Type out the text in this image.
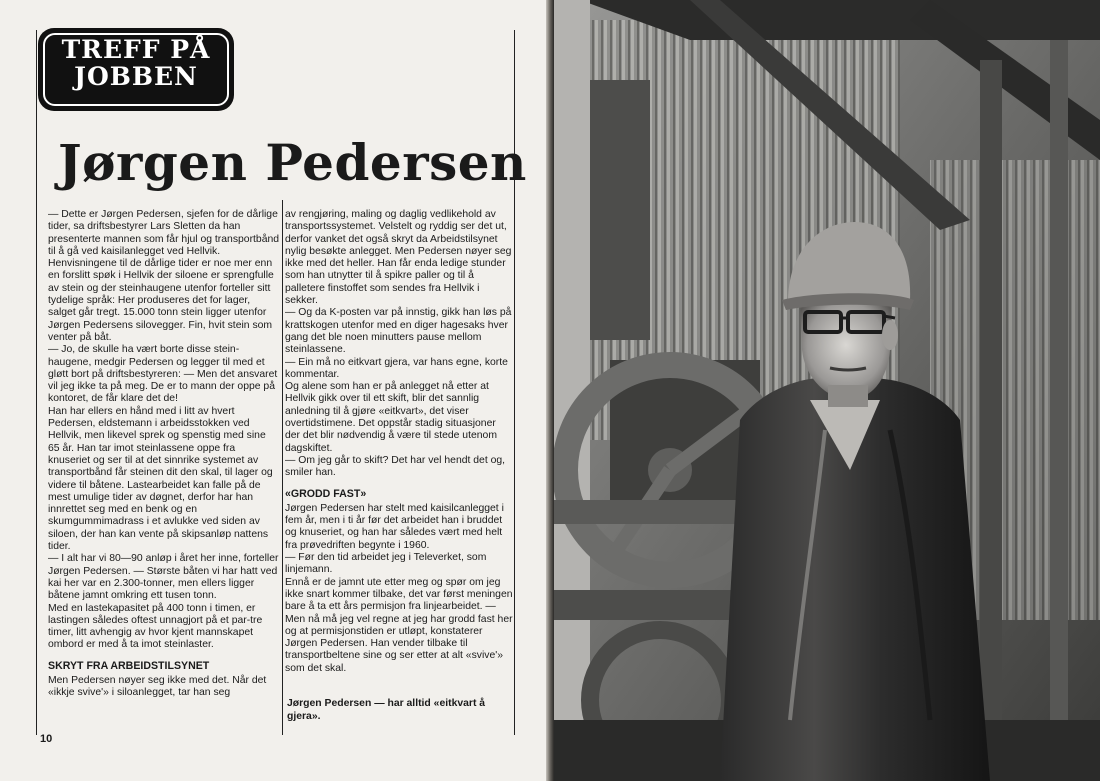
TREFF PÅ
JOBBEN
Jørgen Pedersen

— Dette er Jørgen Pedersen, sjefen for de dårlige tider, sa driftsbestyrer Lars Sletten da han presenterte mannen som får hjul og transportbånd til å gå ved kaisilanlegget ved Hellvik. Henvisningene til de dårlige tider er noe mer enn en forslitt spøk i Hellvik der siloene er sprengfulle av stein og der steinhaugene utenfor forteller sitt tydelige språk: Her produseres det for lager, salget går tregt. 15.000 tonn stein ligger utenfor Jørgen Pedersens silovegger. Fin, hvit stein som venter på båt.
— Jo, de skulle ha vært borte disse stein-haugene, medgir Pedersen og legger til med et gløtt bort på driftsbestyreren: — Men det ansvaret vil jeg ikke ta på meg. De er to mann der oppe på kontoret, de får klare det de!
Han har ellers en hånd med i litt av hvert Pedersen, eldstemann i arbeidsstokken ved Hellvik, men likevel sprek og spenstig med sine 65 år. Han tar imot steinlassene oppe fra knuseriet og ser til at det sinnrike systemet av transportbånd får steinen dit den skal, til lager og videre til båtene. Lastearbeidet kan falle på de mest umulige tider av døgnet, derfor har han innrettet seg med en benk og en skumgummimadrass i et avlukke ved siden av siloen, der han kan vente på skipsanløp nattens tider.
— I alt har vi 80—90 anløp i året her inne, forteller Jørgen Pedersen. — Største båten vi har hatt ved kai her var en 2.300-tonner, men ellers ligger båtene jamnt omkring ett tusen tonn.
Med en lastekapasitet på 400 tonn i timen, er lastingen således oftest unnagjort på et par-tre timer, litt avhengig av hvor kjent mannskapet ombord er med å ta imot steinlaster.

SKRYT FRA ARBEIDSTILSYNET

Men Pedersen nøyer seg ikke med det. Når det «ikkje svive'» i siloanlegget, tar han seg

av rengjøring, maling og daglig vedlikehold av transportssystemet. Velstelt og ryddig ser det ut, derfor vanket det også skryt da Arbeidstilsynet nylig besøkte anlegget. Men Pedersen nøyer seg ikke med det heller. Han får enda ledige stunder som han utnytter til å spikre paller og til å palletere finstoffet som sendes fra Hellvik i sekker.
— Og da K-posten var på innstig, gikk han løs på krattskogen utenfor med en diger hagesaks hver gang det ble noen minutters pause mellom steinlassene.
— Ein må no eitkvart gjera, var hans egne, korte kommentar.
Og alene som han er på anlegget nå etter at Hellvik gikk over til ett skift, blir det sannlig anledning til å gjøre «eitkvart», det viser overtidstimene. Det oppstår stadig situasjoner der det blir nødvendig å være til stede utenom dagskiftet.
— Om jeg går to skift? Det har vel hendt det og, smiler han.

«GRODD FAST»

Jørgen Pedersen har stelt med kaisilcanlegget i fem år, men i ti år før det arbeidet han i bruddet og knuseriet, og han har således vært med helt fra prøvedriften begynte i 1960.
— Før den tid arbeidet jeg i Televerket, som linjemann.
Ennå er de jamnt ute etter meg og spør om jeg ikke snart kommer tilbake, det var først meningen bare å ta ett års permisjon fra linjearbeidet. — Men nå må jeg vel regne at jeg har grodd fast her og at permisjonstiden er utløpt, konstaterer Jørgen Pedersen. Han vender tilbake til transportbeltene sine og ser etter at alt «svive'» som det skal.

Jørgen Pedersen — har alltid «eitkvart å gjera».
10
